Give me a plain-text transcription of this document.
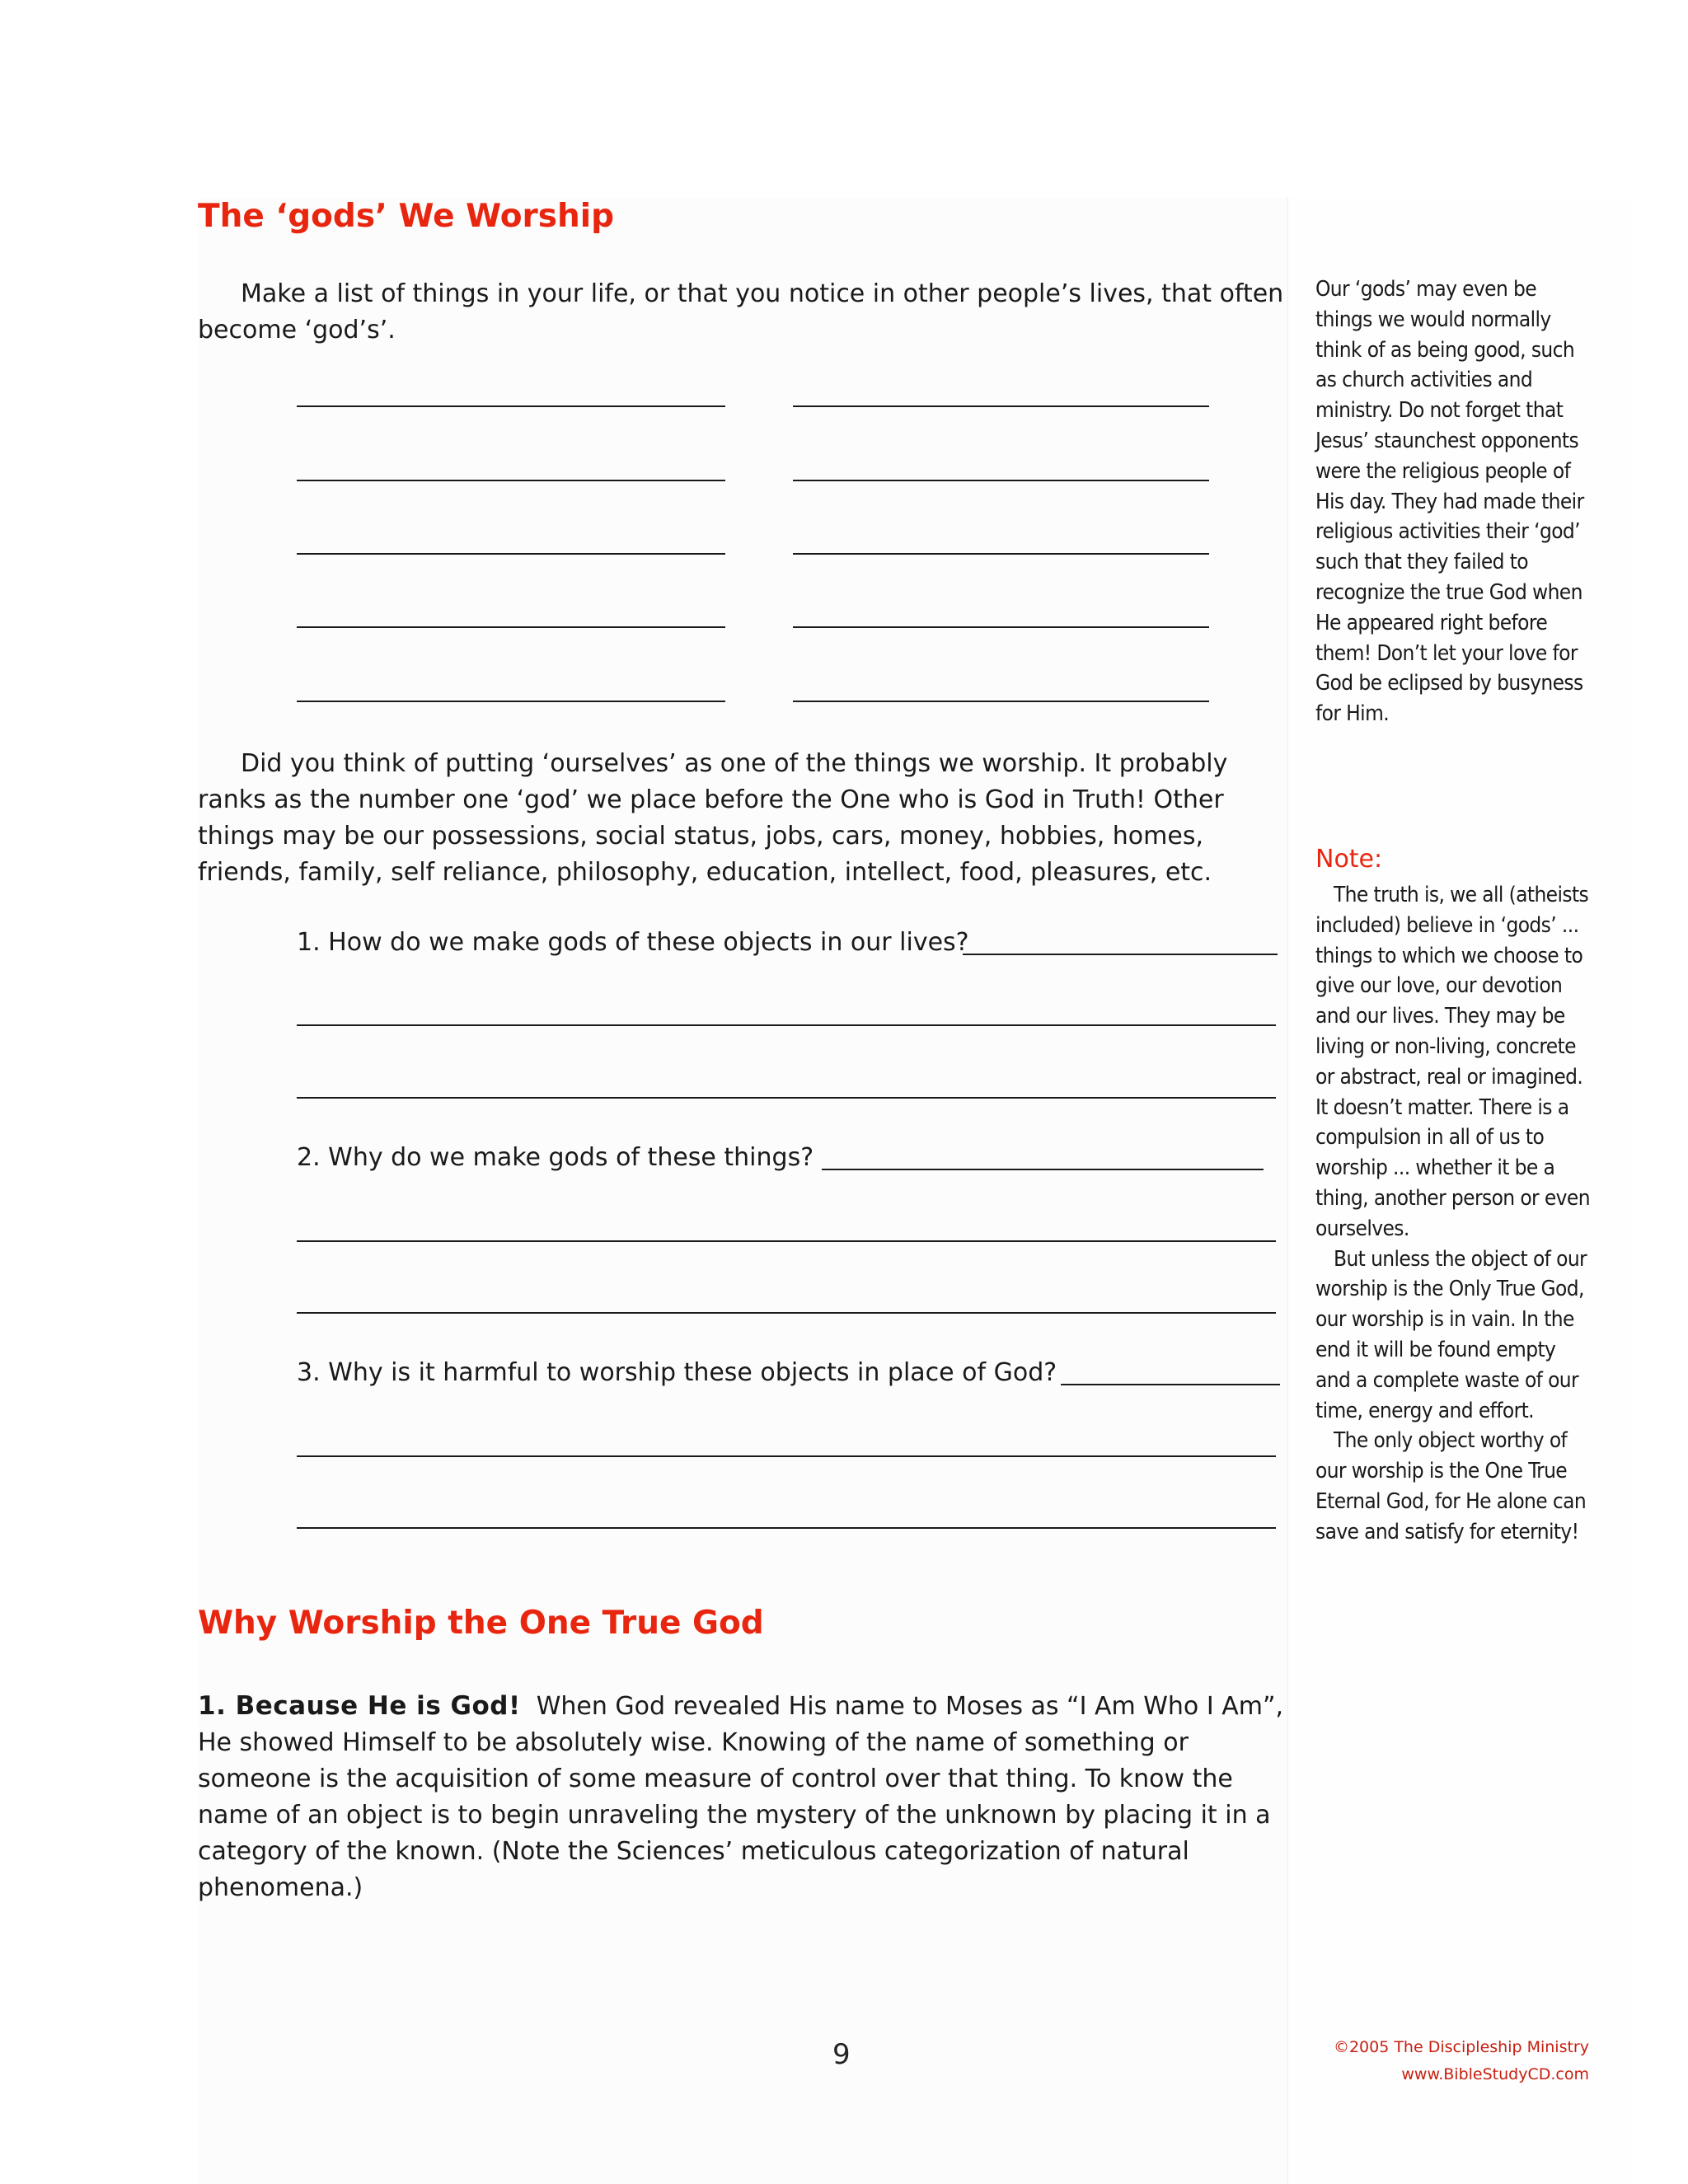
The ‘gods’ We Worship

Make a list of things in your life, or that you notice in other people’s lives, that often become ‘god’s’.

Did you think of putting ‘ourselves’ as one of the things we worship. It probably ranks as the number one ‘god’ we place before the One who is God in Truth! Other things may be our possessions, social status, jobs, cars, money, hobbies, homes, friends, family, self reliance, philosophy, education, intellect, food, pleasures, etc.

1. How do we make gods of these objects in our lives?

2. Why do we make gods of these things?

3. Why is it harmful to worship these objects in place of God?

Why Worship the One True God

1. Because He is God! When God revealed His name to Moses as “I Am Who I Am”, He showed Himself to be absolutely wise. Knowing of the name of something or someone is the acquisition of some measure of control over that thing. To know the name of an object is to begin unraveling the mystery of the unknown by placing it in a category of the known. (Note the Sciences’ meticulous categorization of natural phenomena.)

Our ‘gods’ may even be things we would normally think of as being good, such as church activities and ministry. Do not forget that Jesus’ staunchest opponents were the religious people of His day. They had made their religious activities their ‘god’ such that they failed to recognize the true God when He appeared right before them! Don’t let your love for God be eclipsed by busyness for Him.

Note:

The truth is, we all (atheists included) believe in ‘gods’ ... things to which we choose to give our love, our devotion and our lives. They may be living or non-living, concrete or abstract, real or imagined. It doesn’t matter. There is a compulsion in all of us to worship ... whether it be a thing, another person or even ourselves.
But unless the object of our worship is the Only True God, our worship is in vain. In the end it will be found empty and a complete waste of our time, energy and effort.
The only object worthy of our worship is the One True Eternal God, for He alone can save and satisfy for eternity!
9	©2005 The Discipleship Ministry

www.BibleStudyCD.com
